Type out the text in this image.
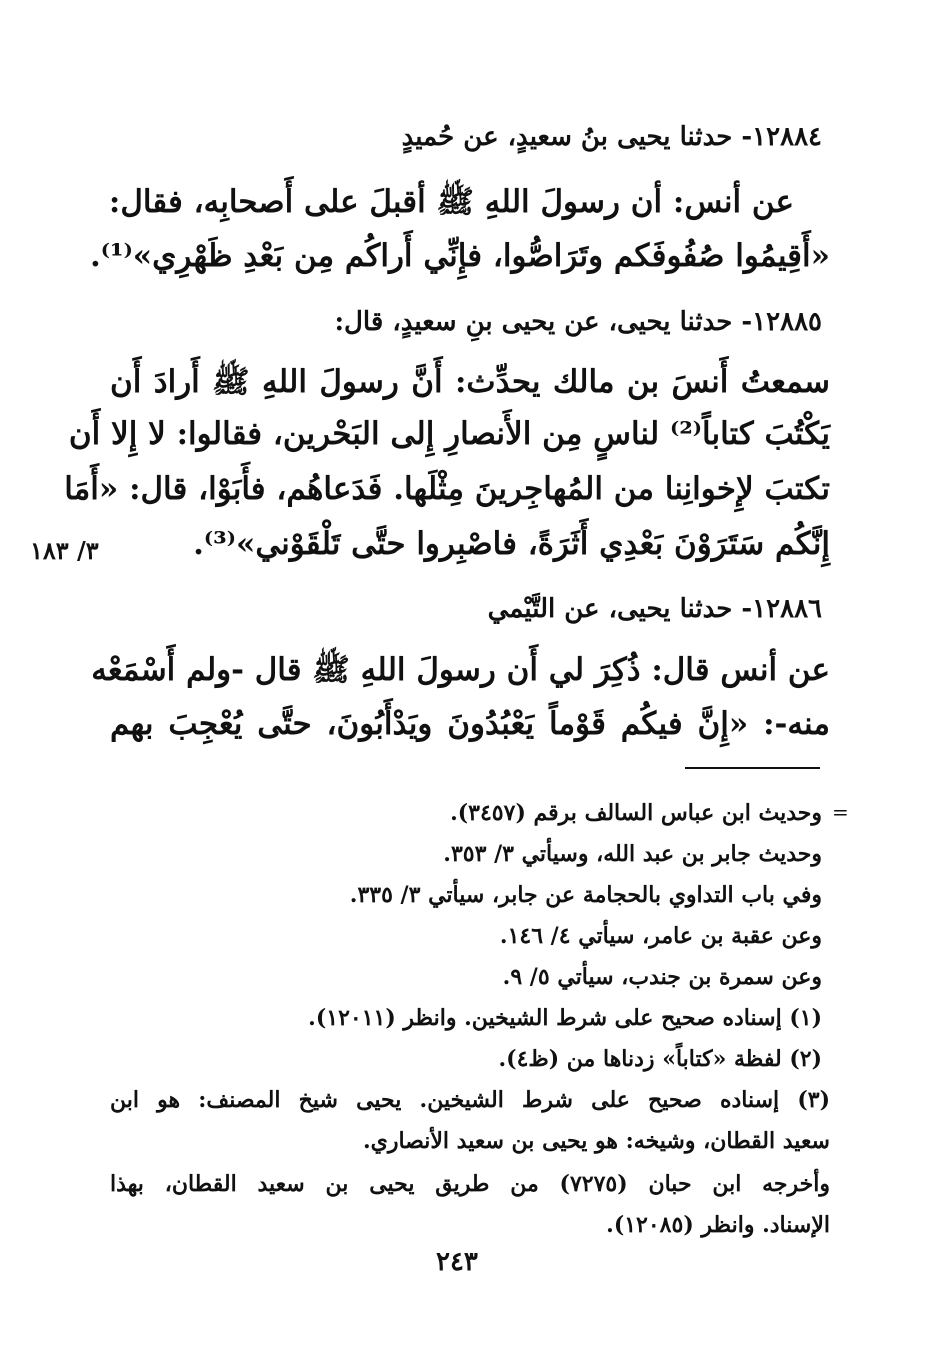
١٢٨٨٤- حدثنا يحيى بنُ سعيدٍ، عن حُميدٍ
عن أنس: أن رسولَ اللهِ ﷺ أقبلَ على أَصحابِه، فقال:
«أَقِيمُوا صُفُوفَكم وتَرَاصُّوا، فإِنِّي أَراكُم مِن بَعْدِ ظَهْرِي»⁽¹⁾.
١٢٨٨٥- حدثنا يحيى، عن يحيى بنِ سعيدٍ، قال:
سمعتُ أَنسَ بن مالك يحدِّث: أَنَّ رسولَ اللهِ ﷺ أَرادَ أَن
يَكْتُبَ كتاباً⁽²⁾ لناسٍ مِن الأَنصارِ إِلى البَحْرين، فقالوا: لا إِلا أَن
تكتبَ لإِخوانِنا من المُهاجِرينَ مِثْلَها. فَدَعاهُم، فأَبَوْا، قال: «أَمَا
إِنَّكُم سَتَرَوْنَ بَعْدِي أَثَرَةً، فاصْبِروا حتَّى تَلْقَوْني»⁽³⁾.
٣/ ١٨٣
١٢٨٨٦- حدثنا يحيى، عن التَّيْمي
عن أنس قال: ذُكِرَ لي أَن رسولَ اللهِ ﷺ قال -ولم أَسْمَعْه
منه-: «إِنَّ فيكُم قَوْماً يَعْبُدُونَ ويَدْأَبُونَ، حتَّى يُعْجِبَ بهم
=
وحديث ابن عباس السالف برقم (٣٤٥٧).
وحديث جابر بن عبد الله، وسيأتي ٣/ ٣٥٣.
وفي باب التداوي بالحجامة عن جابر، سيأتي ٣/ ٣٣٥.
وعن عقبة بن عامر، سيأتي ٤/ ١٤٦.
وعن سمرة بن جندب، سيأتي ٥/ ٩.
(١) إسناده صحيح على شرط الشيخين. وانظر (١٢٠١١).
(٢) لفظة «كتاباً» زدناها من (ظ٤).
(٣) إسناده صحيح على شرط الشيخين. يحيى شيخ المصنف: هو ابن
سعيد القطان، وشيخه: هو يحيى بن سعيد الأنصاري.
وأخرجه ابن حبان (٧٢٧٥) من طريق يحيى بن سعيد القطان، بهذا
الإسناد. وانظر (١٢٠٨٥).
٢٤٣
